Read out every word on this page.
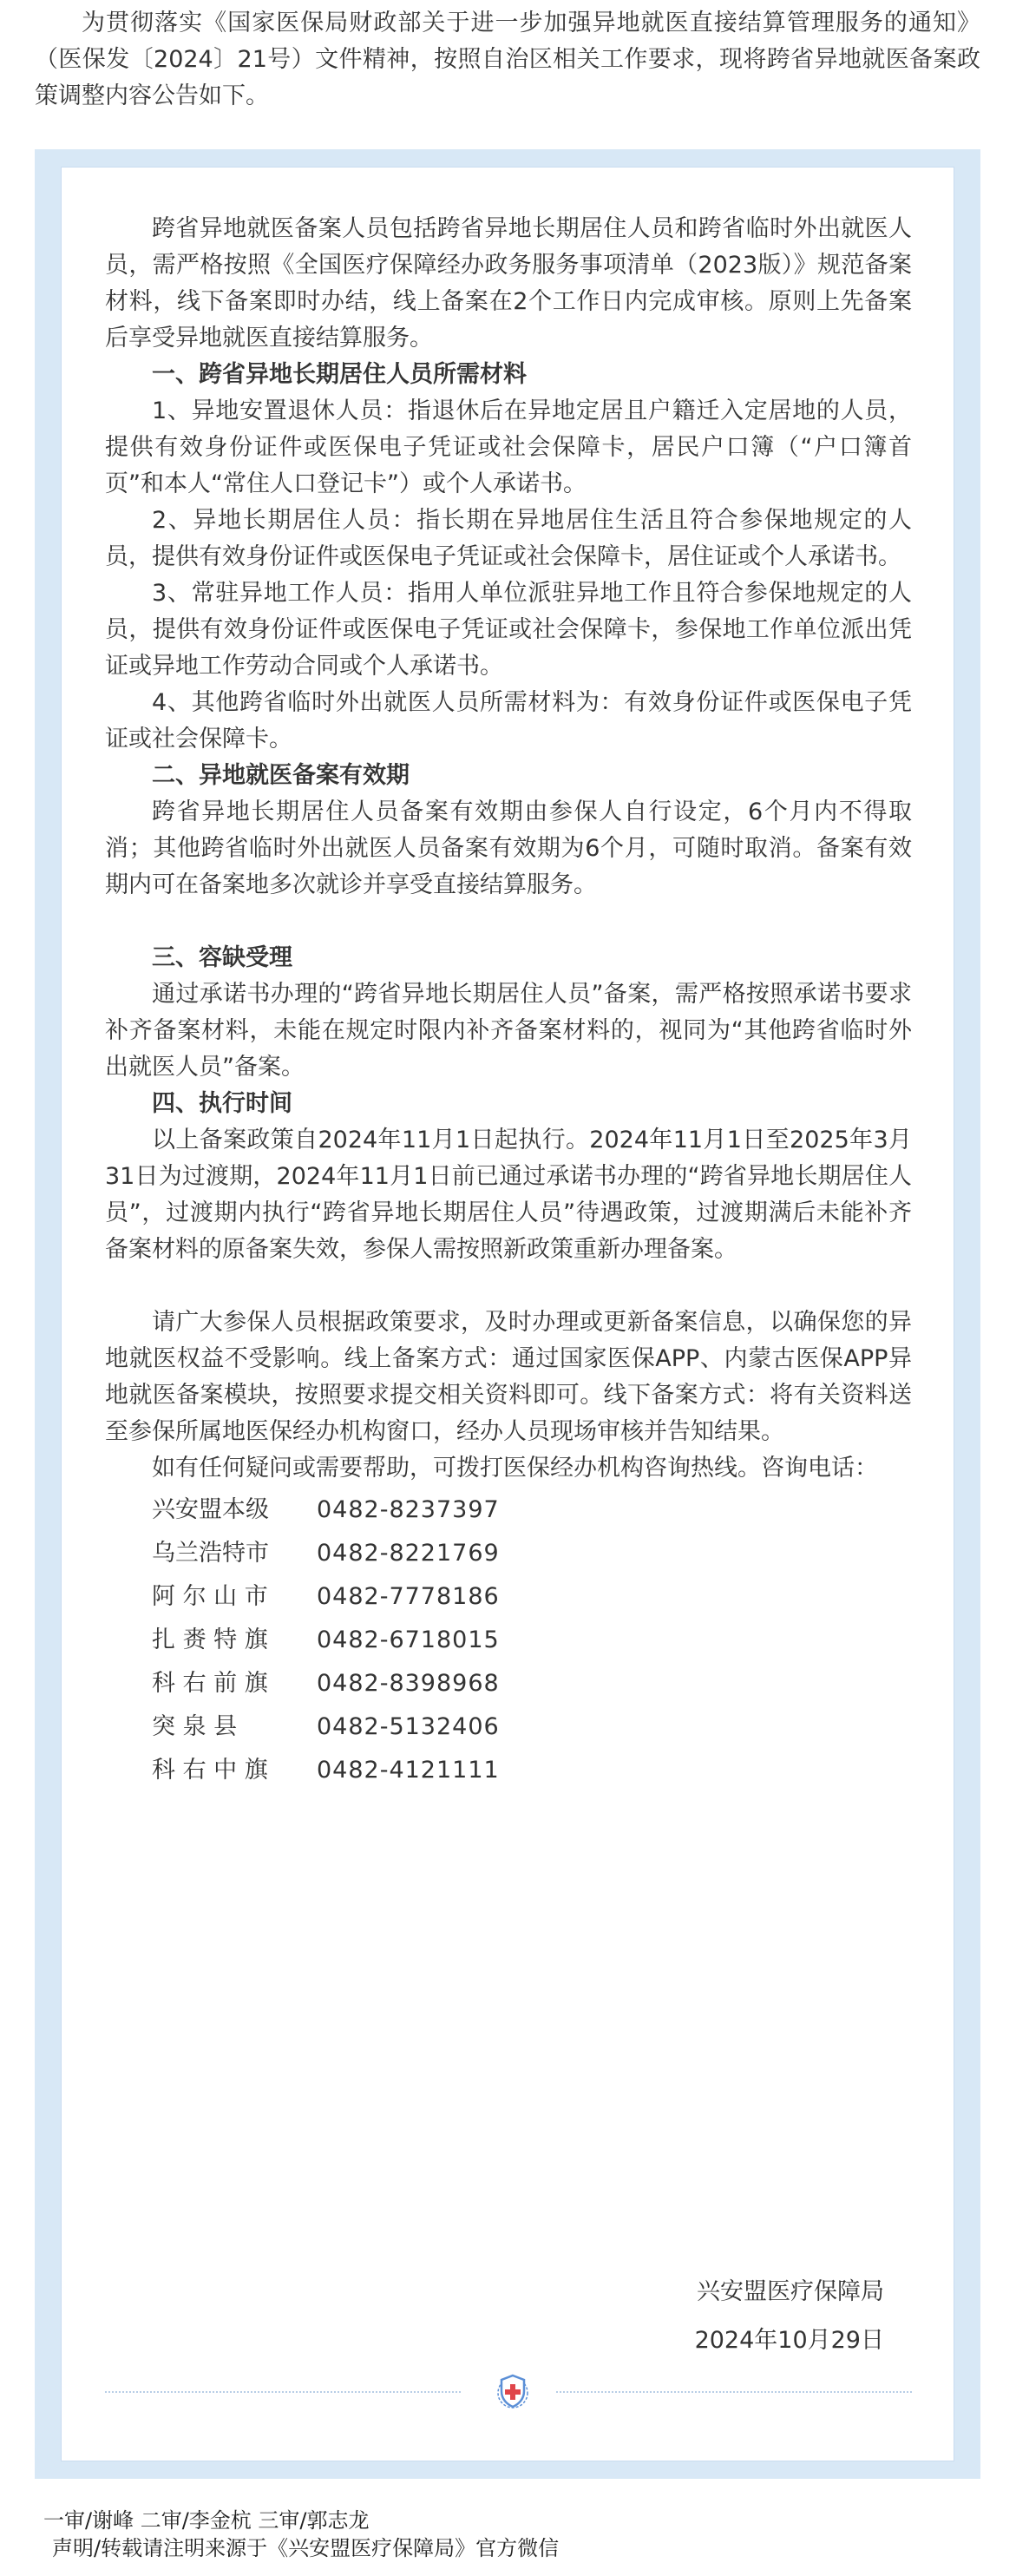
为贯彻落实《国家医保局财政部关于进一步加强异地就医直接结算管理服务的通知》（医保发〔2024〕21号）文件精神，按照自治区相关工作要求，现将跨省异地就医备案政策调整内容公告如下。

跨省异地就医备案人员包括跨省异地长期居住人员和跨省临时外出就医人员，需严格按照《全国医疗保障经办政务服务事项清单（2023版）》规范备案材料，线下备案即时办结，线上备案在2个工作日内完成审核。原则上先备案后享受异地就医直接结算服务。

一、跨省异地长期居住人员所需材料

1、异地安置退休人员：指退休后在异地定居且户籍迁入定居地的人员，提供有效身份证件或医保电子凭证或社会保障卡，居民户口簿（“户口簿首页”和本人“常住人口登记卡”）或个人承诺书。

2、异地长期居住人员：指长期在异地居住生活且符合参保地规定的人员，提供有效身份证件或医保电子凭证或社会保障卡，居住证或个人承诺书。

3、常驻异地工作人员：指用人单位派驻异地工作且符合参保地规定的人员，提供有效身份证件或医保电子凭证或社会保障卡，参保地工作单位派出凭证或异地工作劳动合同或个人承诺书。

4、其他跨省临时外出就医人员所需材料为：有效身份证件或医保电子凭证或社会保障卡。

二、异地就医备案有效期

跨省异地长期居住人员备案有效期由参保人自行设定，6个月内不得取消；其他跨省临时外出就医人员备案有效期为6个月，可随时取消。备案有效期内可在备案地多次就诊并享受直接结算服务。

三、容缺受理

通过承诺书办理的“跨省异地长期居住人员”备案，需严格按照承诺书要求补齐备案材料，未能在规定时限内补齐备案材料的，视同为“其他跨省临时外出就医人员”备案。

四、执行时间

以上备案政策自2024年11月1日起执行。2024年11月1日至2025年3月31日为过渡期，2024年11月1日前已通过承诺书办理的“跨省异地长期居住人员”，过渡期内执行“跨省异地长期居住人员”待遇政策，过渡期满后未能补齐备案材料的原备案失效，参保人需按照新政策重新办理备案。

请广大参保人员根据政策要求，及时办理或更新备案信息，以确保您的异地就医权益不受影响。线上备案方式：通过国家医保APP、内蒙古医保APP异地就医备案模块，按照要求提交相关资料即可。线下备案方式：将有关资料送至参保所属地医保经办机构窗口，经办人员现场审核并告知结果。

如有任何疑问或需要帮助，可拨打医保经办机构咨询热线。咨询电话：

兴安盟本级	0482-8237397
乌兰浩特市	0482-8221769
阿 尔 山 市	0482-7778186
扎 赉 特 旗	0482-6718015
科 右 前 旗	0482-8398968
突 泉 县	0482-5132406
科 右 中 旗	0482-4121111
兴安盟医疗保障局
2024年10月29日
一审/谢峰 二审/李金杭 三审/郭志龙
声明/转载请注明来源于《兴安盟医疗保障局》官方微信
